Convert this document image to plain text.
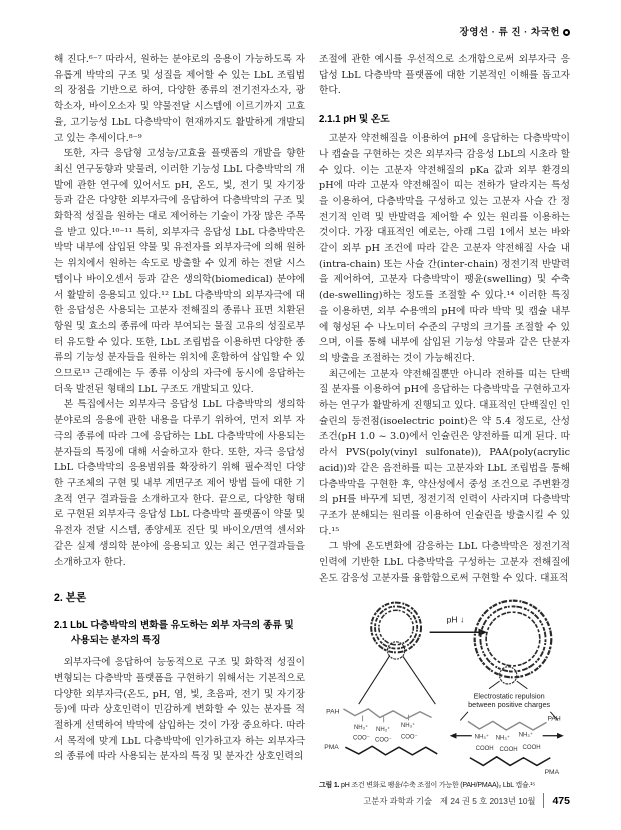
장영선 · 류 진 · 차국헌

해 진다.⁶⁻⁷ 따라서, 원하는 분야로의 응용이 가능하도록 자유롭게 박막의 구조 및 성질을 제어할 수 있는 LbL 조립법의 장점을 기반으로 하여, 다양한 종류의 전기전자소자, 광학소자, 바이오소자 및 약물전달 시스템에 이르기까지 고효율, 고기능성 LbL 다층박막이 현재까지도 활발하게 개발되고 있는 추세이다.⁸⁻⁹

또한, 자극 응답형 고성능/고효율 플랫폼의 개발을 향한 최신 연구동향과 맞물려, 이러한 기능성 LbL 다층박막의 개발에 관한 연구에 있어서도 pH, 온도, 빛, 전기 및 자기장 등과 같은 다양한 외부자극에 응답하여 다층박막의 구조 및 화학적 성질을 원하는 대로 제어하는 기술이 가장 많은 주목을 받고 있다.¹⁰⁻¹¹ 특히, 외부자극 응답성 LbL 다층박막은 박막 내부에 삽입된 약물 및 유전자를 외부자극에 의해 원하는 위치에서 원하는 속도로 방출할 수 있게 하는 전달 시스템이나 바이오센서 등과 같은 생의학(biomedical) 분야에서 활발히 응용되고 있다.¹² LbL 다층박막의 외부자극에 대한 응답성은 사용되는 고분자 전해질의 종류나 표면 치환된 항원 및 효소의 종류에 따라 부여되는 물질 고유의 성질로부터 유도할 수 있다. 또한, LbL 조립법을 이용하면 다양한 종류의 기능성 분자들을 원하는 위치에 혼합하여 삽입할 수 있으므로¹³ 근래에는 두 종류 이상의 자극에 동시에 응답하는 더욱 발전된 형태의 LbL 구조도 개발되고 있다.

본 특집에서는 외부자극 응답성 LbL 다층박막의 생의학 분야로의 응용에 관한 내용을 다루기 위하여, 먼저 외부 자극의 종류에 따라 그에 응답하는 LbL 다층박막에 사용되는 분자들의 특징에 대해 서술하고자 한다. 또한, 자극 응답성 LbL 다층박막의 응용범위를 확장하기 위해 필수적인 다양한 구조체의 구현 및 내부 계면구조 제어 방법 들에 대한 기초적 연구 결과들을 소개하고자 한다. 끝으로, 다양한 형태로 구현된 외부자극 응답성 LbL 다층박막 플랫폼이 약물 및 유전자 전달 시스템, 종양세포 진단 및 바이오/면역 센서와 같은 실제 생의학 분야에 응용되고 있는 최근 연구결과들을 소개하고자 한다.

2. 본론
2.1 LbL 다층박막의 변화를 유도하는 외부 자극의 종류 및 사용되는 분자의 특징

외부자극에 응답하여 능동적으로 구조 및 화학적 성질이 변형되는 다층박막 플랫폼을 구현하기 위해서는 기본적으로 다양한 외부자극(온도, pH, 염, 빛, 초음파, 전기 및 자기장 등)에 따라 상호인력이 민감하게 변화할 수 있는 분자를 적절하게 선택하여 박막에 삽입하는 것이 가장 중요하다. 따라서 목적에 맞게 LbL 다층박막에 인가하고자 하는 외부자극의 종류에 따라 사용되는 분자의 특징 및 분자간 상호인력의

조절에 관한 예시를 우선적으로 소개함으로써 외부자극 응답성 LbL 다층박막 플랫폼에 대한 기본적인 이해를 돕고자 한다.

2.1.1 pH 및 온도

고분자 약전해질을 이용하여 pH에 응답하는 다층박막이나 캡슐을 구현하는 것은 외부자극 감응성 LbL의 시초라 할 수 있다. 이는 고분자 약전해질의 pKa 값과 외부 환경의 pH에 따라 고분자 약전해질이 띠는 전하가 달라지는 특성을 이용하여, 다층박막을 구성하고 있는 고분자 사슬 간 정전기적 인력 및 반발력을 제어할 수 있는 원리를 이용하는 것이다. 가장 대표적인 예로는, 아래 그림 1에서 보는 바와 같이 외부 pH 조건에 따라 같은 고분자 약전해질 사슬 내(intra-chain) 또는 사슬 간(inter-chain) 정전기적 반발력을 제어하여, 고분자 다층박막이 팽윤(swelling) 및 수축(de-swelling)하는 정도를 조절할 수 있다.¹⁴ 이러한 특징을 이용하면, 외부 수용액의 pH에 따라 박막 및 캡슐 내부에 형성된 수 나노미터 수준의 구멍의 크기를 조절할 수 있으며, 이를 통해 내부에 삽입된 기능성 약물과 같은 단분자의 방출을 조절하는 것이 가능해진다.

최근에는 고분자 약전해질뿐만 아니라 전하를 띠는 단백질 분자를 이용하여 pH에 응답하는 다층박막을 구현하고자 하는 연구가 활발하게 진행되고 있다. 대표적인 단백질인 인슐린의 등전점(isoelectric point)은 약 5.4 정도로, 산성 조건(pH 1.0 ~ 3.0)에서 인슐린은 양전하를 띠게 된다. 따라서 PVS(poly(vinyl sulfonate)), PAA(poly(acrylic acid))와 같은 음전하를 띠는 고분자와 LbL 조립법을 통해 다층박막을 구현한 후, 약산성에서 중성 조건으로 주변환경의 pH를 바꾸게 되면, 정전기적 인력이 사라지며 다층박막 구조가 분해되는 원리를 이용하여 인슐린을 방출시킬 수 있다.¹⁵

그 밖에 온도변화에 감응하는 LbL 다층박막은 정전기적 인력에 기반한 LbL 다층박막을 구성하는 고분자 전해질에 온도 감응성 고분자를 융합함으로써 구현할 수 있다. 대표적

pH ↓
Electrostatic repulsion
between positive charges
PAH
NH₃⁺ NH₃⁺
NH₃⁺
COO⁻ COO⁻ COO⁻
PMA
PAH
NH₃⁺ NH₃⁺ NH₃⁺
COOH COOH COOH
PMA
그림 1. pH 조건 변화로 팽윤/수축 조절이 가능한 (PAH/PMAA)₂ LbL 캡슐.¹⁵
고분자 과학과 기술 제 24 권 5 호 2013년 10월 475
